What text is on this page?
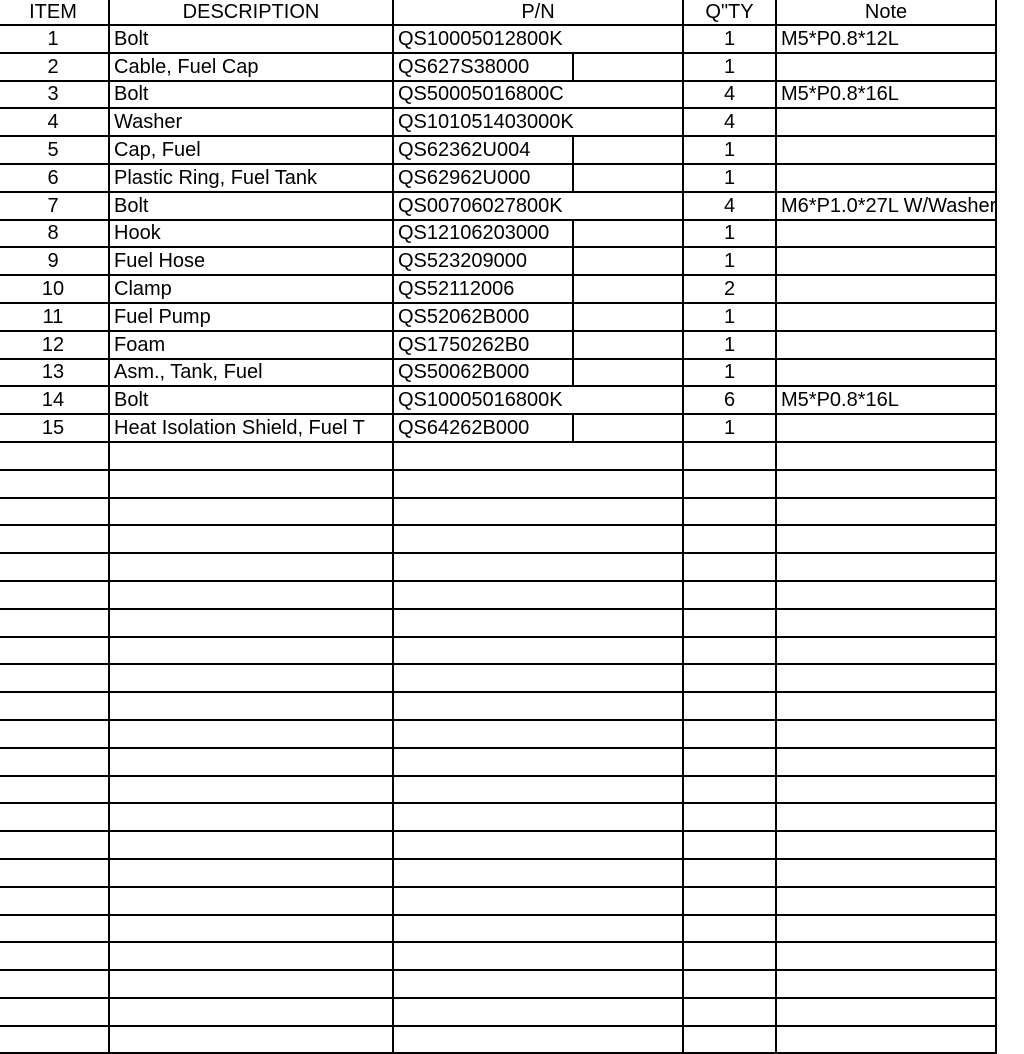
ITEM	DESCRIPTION	P/N	Q"TY	Note
1	Bolt	QS10005012800K	1	M5*P0.8*12L
2	Cable, Fuel Cap	QS627S38000	1	
3	Bolt	QS50005016800C	4	M5*P0.8*16L
4	Washer	QS101051403000K	4	
5	Cap, Fuel	QS62362U004	1	
6	Plastic Ring, Fuel Tank	QS62962U000	1	
7	Bolt	QS00706027800K	4	M6*P1.0*27L W/Washer
8	Hook	QS12106203000	1	
9	Fuel Hose	QS523209000	1	
10	Clamp	QS52112006	2	
11	Fuel Pump	QS52062B000	1	
12	Foam	QS1750262B0	1	
13	Asm., Tank, Fuel	QS50062B000	1	
14	Bolt	QS10005016800K	6	M5*P0.8*16L
15	Heat Isolation Shield, Fuel T	QS64262B000	1	
